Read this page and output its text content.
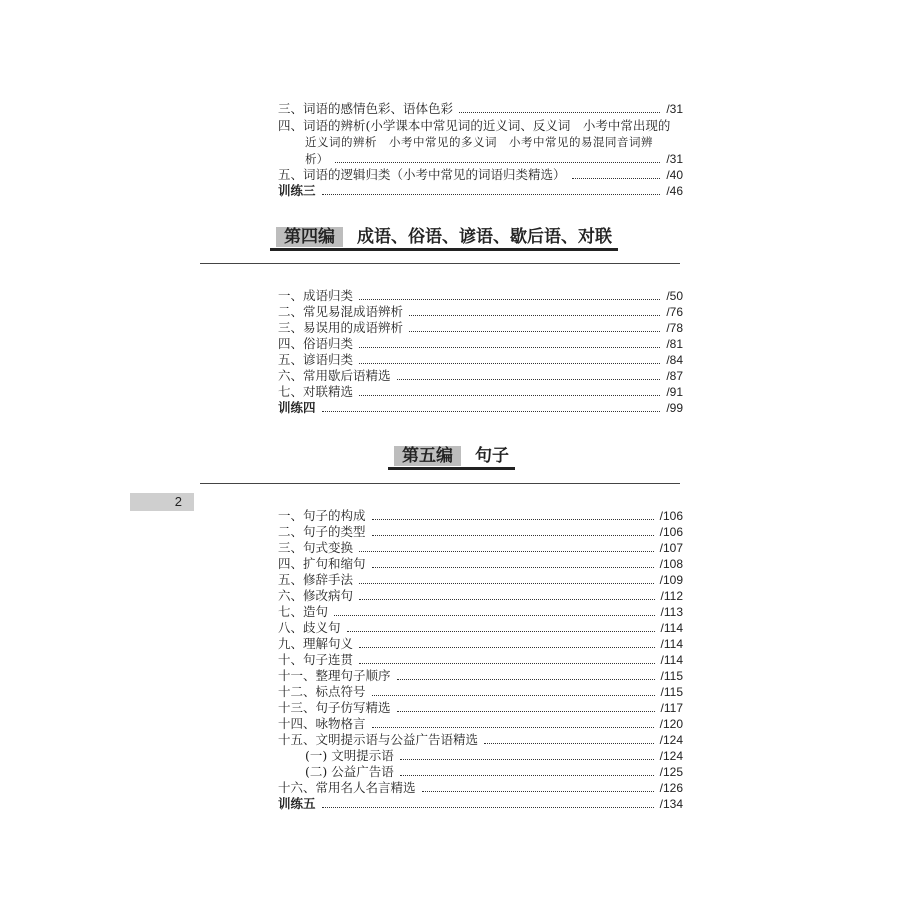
三、词语的感情色彩、语体色彩	/31
四、词语的辨析(小学课本中常见词的近义词、反义词　小考中常出现的
近义词的辨析　小考中常见的多义词　小考中常见的易混同音词辨
析）	/31
五、词语的逻辑归类（小考中常见的词语归类精选）	/40
训练三	/46
第四编 成语、俗语、谚语、歇后语、对联
一、成语归类	/50
二、常见易混成语辨析	/76
三、易误用的成语辨析	/78
四、俗语归类	/81
五、谚语归类	/84
六、常用歇后语精选	/87
七、对联精选	/91
训练四	/99
第五编 句子
2
一、句子的构成	/106
二、句子的类型	/106
三、句式变换	/107
四、扩句和缩句	/108
五、修辞手法	/109
六、修改病句	/112
七、造句	/113
八、歧义句	/114
九、理解句义	/114
十、句子连贯	/114
十一、整理句子顺序	/115
十二、标点符号	/115
十三、句子仿写精选	/117
十四、咏物格言	/120
十五、文明提示语与公益广告语精选	/124
(一) 文明提示语	/124
(二) 公益广告语	/125
十六、常用名人名言精选	/126
训练五	/134
